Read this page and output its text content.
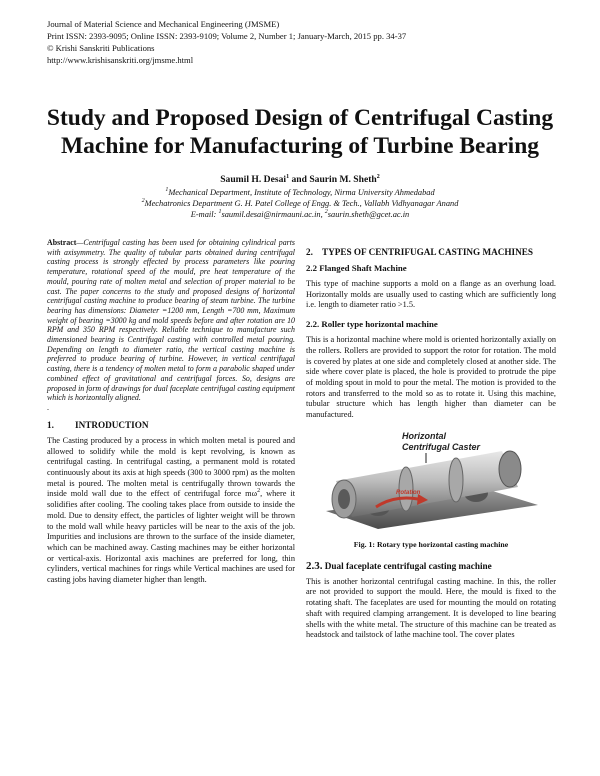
Journal of Material Science and Mechanical Engineering (JMSME)
Print ISSN: 2393-9095; Online ISSN: 2393-9109; Volume 2, Number 1; January-March, 2015 pp. 34-37
© Krishi Sanskriti Publications
http://www.krishisanskriti.org/jmsme.html
Study and Proposed Design of Centrifugal Casting Machine for Manufacturing of Turbine Bearing
Saumil H. Desai$^1$ and Saurin M. Sheth$^2$
$^1$Mechanical Department, Institute of Technology, Nirma University Ahmedabad
$^2$Mechatronics Department G. H. Patel College of Engg. & Tech., Vallabh Vidhyanagar Anand
E-mail: $^1$saumil.desai@nirmauni.ac.in, $^2$saurin.sheth@gcet.ac.in

Abstract—Centrifugal casting has been used for obtaining cylindrical parts with axisymmetry. The quality of tubular parts obtained during centrifugal casting process is strongly effected by process parameters like pouring temperature, rotational speed of the mould, pre heat temperature of the mould, pouring rate of molten metal and selection of proper material to be cast. The paper concerns to the study and proposed designs of horizontal centrifugal casting machine to produce bearing of steam turbine. The turbine bearing has dimensions: Diameter =1200 mm, Length =700 mm, Maximum weight of bearing =3000 kg and mold speeds before and after rotation are 10 RPM and 350 RPM respectively. Reliable technique to manufacture such dimensioned bearing is Centrifugal casting with controlled metal pouring. Depending on length to diameter ratio, the vertical casting machine is preferred to produce bearing of turbine. However, in vertical centrifugal casting, there is a tendency of molten metal to form a parabolic shaped under combined effect of gravitational and centrifugal forces. So, designs are proposed in form of drawings for dual faceplate centrifugal casting equipment which is horizontally aligned.

.

1. INTRODUCTION

The Casting produced by a process in which molten metal is poured and allowed to solidify while the mold is kept revolving, is known as centrifugal casting. In centrifugal casting, a permanent mold is rotated continuously about its axis at high speeds (300 to 3000 rpm) as the molten metal is poured. The molten metal is centrifugally thrown towards the inside mold wall due to the effect of centrifugal force $m\omega^2$, where it solidifies after cooling. The cooling takes place from outside to inside the mold. Due to density effect, the particles of lighter weight will be thrown to the mold wall while heavy particles will be near to the axis of the job. Impurities and inclusions are thrown to the surface of the inside diameter, which can be machined away. Casting machines may be either horizontal or vertical-axis. Horizontal axis machines are preferred for long, thin cylinders, vertical machines for rings while Vertical machines are used for casting jobs having diameter higher than length.

2. TYPES OF CENTRIFUGAL CASTING MACHINES
2.2 Flanged Shaft Machine

This type of machine supports a mold on a flange as an overhung load. Horizontally molds are usually used to casting which are sufficiently long i.e. length to diameter ratio >1.5.

2.2. Roller type horizontal machine

This is a horizontal machine where mold is oriented horizontally axially on the rollers. Rollers are provided to support the rotor for rotation. The mold is covered by plates at one side and completely closed at another side. The side where cover plate is placed, the hole is provided to protrude the pipe of molding spout in mold to pour the metal. The motion is provided to the rotors and transferred to the mold so as to rotate it. Using this machine, tubular structure which has length higher than diameter can be manufactured.

Horizontal
Centrifugal Caster
Rotation
Fig. 1: Rotary type horizontal casting machine
2.3. Dual faceplate centrifugal casting machine

This is another horizontal centrifugal casting machine. In this, the roller are not provided to support the mould. Here, the mould is fixed to the rotating shaft. The faceplates are used for mounting the mould on rotating shaft with required clamping arrangement. It is developed to line bearing shells with the white metal. The structure of this machine can be treated as headstock and tailstock of lathe machine tool. The cover plates
